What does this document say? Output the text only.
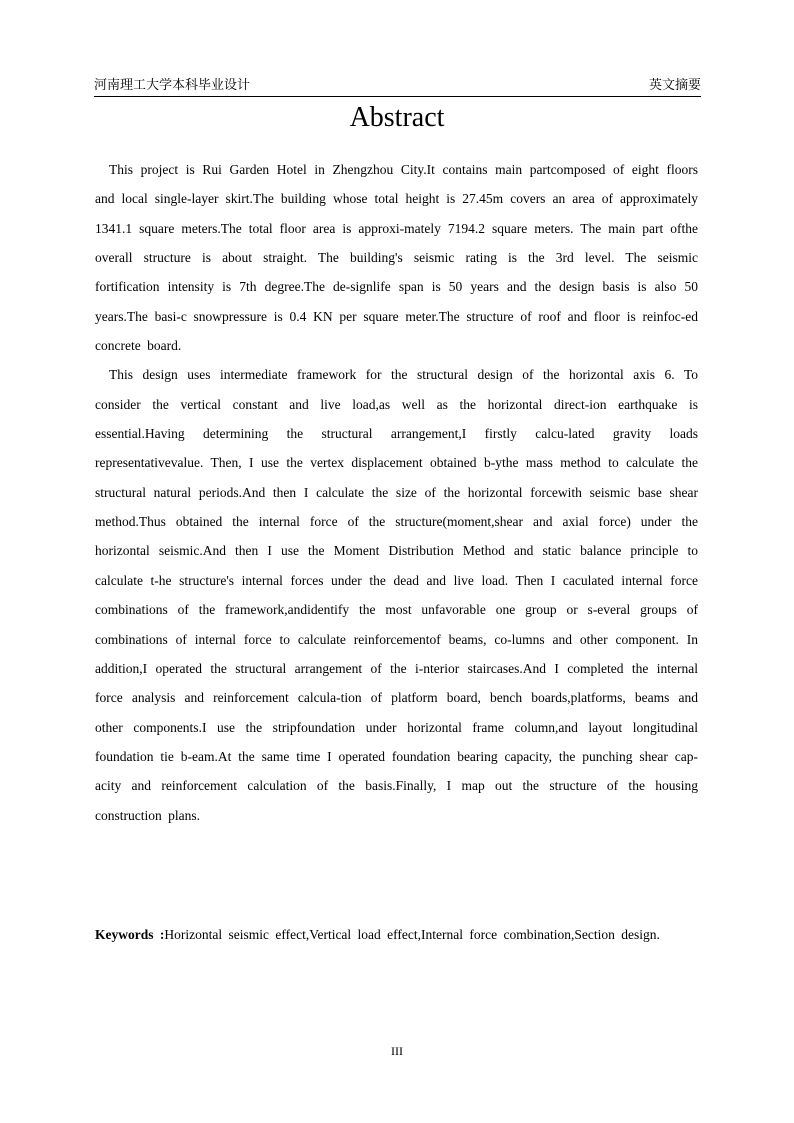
河南理工大学本科毕业设计	英文摘要
Abstract

This project is Rui Garden Hotel in Zhengzhou City.It contains main partcomposed of eight floors and local single-layer skirt.The building whose total height is 27.45m covers an area of approximately 1341.1 square meters.The total floor area is approxi-mately 7194.2 square meters. The main part ofthe overall structure is about straight. The building's seismic rating is the 3rd level. The seismic fortification intensity is 7th degree.The de-signlife span is 50 years and the design basis is also 50 years.The basi-c snowpressure is 0.4 KN per square meter.The structure of roof and floor is reinfoc-ed concrete board.

This design uses intermediate framework for the structural design of the horizontal axis 6. To consider the vertical constant and live load,as well as the horizontal direct-ion earthquake is essential.Having determining the structural arrangement,I firstly calcu-lated gravity loads representativevalue. Then, I use the vertex displacement obtained b-ythe mass method to calculate the structural natural periods.And then I calculate the size of the horizontal forcewith seismic base shear method.Thus obtained the internal force of the structure(moment,shear and axial force) under the horizontal seismic.And then I use the Moment Distribution Method and static balance principle to calculate t-he structure's internal forces under the dead and live load. Then I caculated internal force combinations of the framework,andidentify the most unfavorable one group or s-everal groups of combinations of internal force to calculate reinforcementof beams, co-lumns and other component. In addition,I operated the structural arrangement of the i-nterior staircases.And I completed the internal force analysis and reinforcement calcula-tion of platform board, bench boards,platforms, beams and other components.I use the stripfoundation under horizontal frame column,and layout longitudinal foundation tie b-eam.At the same time I operated foundation bearing capacity, the punching shear cap-acity and reinforcement calculation of the basis.Finally, I map out the structure of the housing construction plans.

Keywords :Horizontal seismic effect,Vertical load effect,Internal force combination,Section design.
III
